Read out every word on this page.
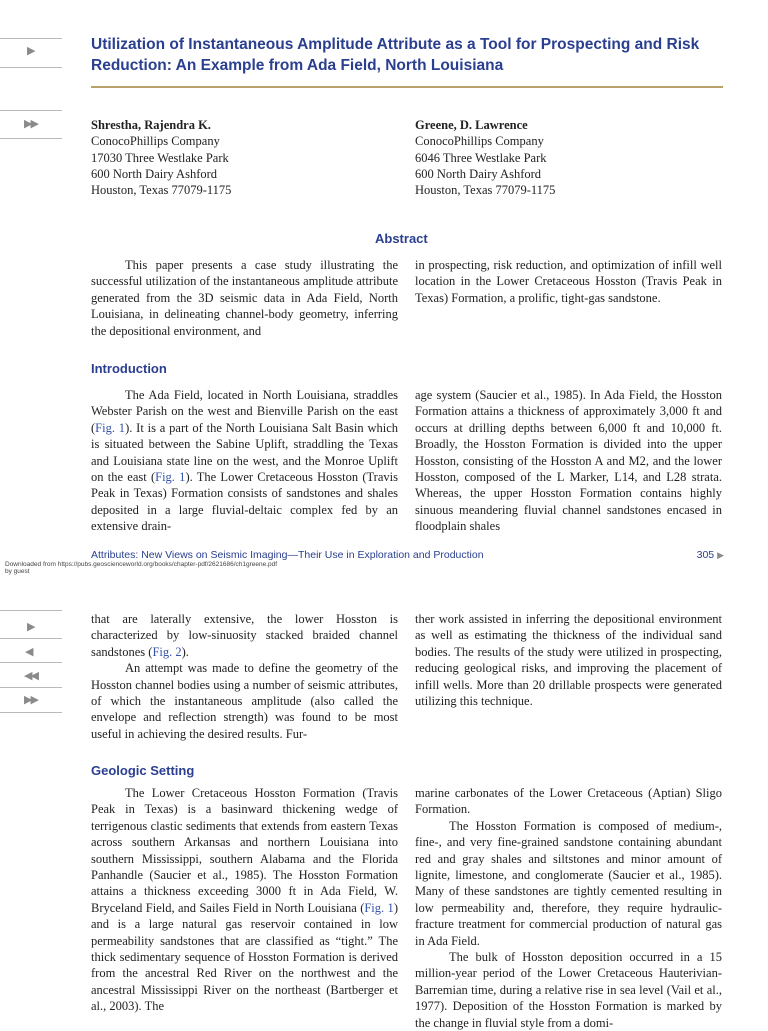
▶
▶▶
Utilization of Instantaneous Amplitude Attribute as a Tool for Prospecting and Risk Reduction: An Example from Ada Field, North Louisiana
Shrestha, Rajendra K.
ConocoPhillips Company
17030 Three Westlake Park
600 North Dairy Ashford
Houston, Texas 77079-1175
Greene, D. Lawrence
ConocoPhillips Company
6046 Three Westlake Park
600 North Dairy Ashford
Houston, Texas 77079-1175
Abstract

This paper presents a case study illustrating the successful utilization of the instantaneous amplitude attribute generated from the 3D seismic data in Ada Field, North Louisiana, in delineating channel-body geometry, inferring the depositional environment, and

in prospecting, risk reduction, and optimization of infill well location in the Lower Cretaceous Hosston (Travis Peak in Texas) Formation, a prolific, tight-gas sandstone.

Introduction

The Ada Field, located in North Louisiana, straddles Webster Parish on the west and Bienville Parish on the east (Fig. 1). It is a part of the North Louisiana Salt Basin which is situated between the Sabine Uplift, straddling the Texas and Louisiana state line on the west, and the Monroe Uplift on the east (Fig. 1). The Lower Cretaceous Hosston (Travis Peak in Texas) Formation consists of sandstones and shales deposited in a large fluvial-deltaic complex fed by an extensive drain-

age system (Saucier et al., 1985). In Ada Field, the Hosston Formation attains a thickness of approximately 3,000 ft and occurs at drilling depths between 6,000 ft and 10,000 ft. Broadly, the Hosston Formation is divided into the upper Hosston, consisting of the Hosston A and M2, and the lower Hosston, composed of the L Marker, L14, and L28 strata. Whereas, the upper Hosston Formation contains highly sinuous meandering fluvial channel sandstones encased in floodplain shales

Attributes: New Views on Seismic Imaging—Their Use in Exploration and Production	305 ▶
Downloaded from https://pubs.geoscienceworld.org/books/chapter-pdf/2621686/ch1greene.pdf
by guest
▶
◀
◀◀
▶▶

that are laterally extensive, the lower Hosston is characterized by low-sinuosity stacked braided channel sandstones (Fig. 2).

An attempt was made to define the geometry of the Hosston channel bodies using a number of seismic attributes, of which the instantaneous amplitude (also called the envelope and reflection strength) was found to be most useful in achieving the desired results. Fur-

ther work assisted in inferring the depositional environment as well as estimating the thickness of the individual sand bodies. The results of the study were utilized in prospecting, reducing geological risks, and improving the placement of infill wells. More than 20 drillable prospects were generated utilizing this technique.

Geologic Setting

The Lower Cretaceous Hosston Formation (Travis Peak in Texas) is a basinward thickening wedge of terrigenous clastic sediments that extends from eastern Texas across southern Arkansas and northern Louisiana into southern Mississippi, southern Alabama and the Florida Panhandle (Saucier et al., 1985). The Hosston Formation attains a thickness exceeding 3000 ft in Ada Field, W. Bryceland Field, and Sailes Field in North Louisiana (Fig. 1) and is a large natural gas reservoir contained in low permeability sandstones that are classified as “tight.” The thick sedimentary sequence of Hosston Formation is derived from the ancestral Red River on the northwest and the ancestral Mississippi River on the northeast (Bartberger et al., 2003). The

marine carbonates of the Lower Cretaceous (Aptian) Sligo Formation.

The Hosston Formation is composed of medium-, fine-, and very fine-grained sandstone containing abundant red and gray shales and siltstones and minor amount of lignite, limestone, and conglomerate (Saucier et al., 1985). Many of these sandstones are tightly cemented resulting in low permeability and, therefore, they require hydraulic-fracture treatment for commercial production of natural gas in Ada Field.

The bulk of Hosston deposition occurred in a 15 million-year period of the Lower Cretaceous Hauterivian-Barremian time, during a relative rise in sea level (Vail et al., 1977). Deposition of the Hosston Formation is marked by the change in fluvial style from a domi-
